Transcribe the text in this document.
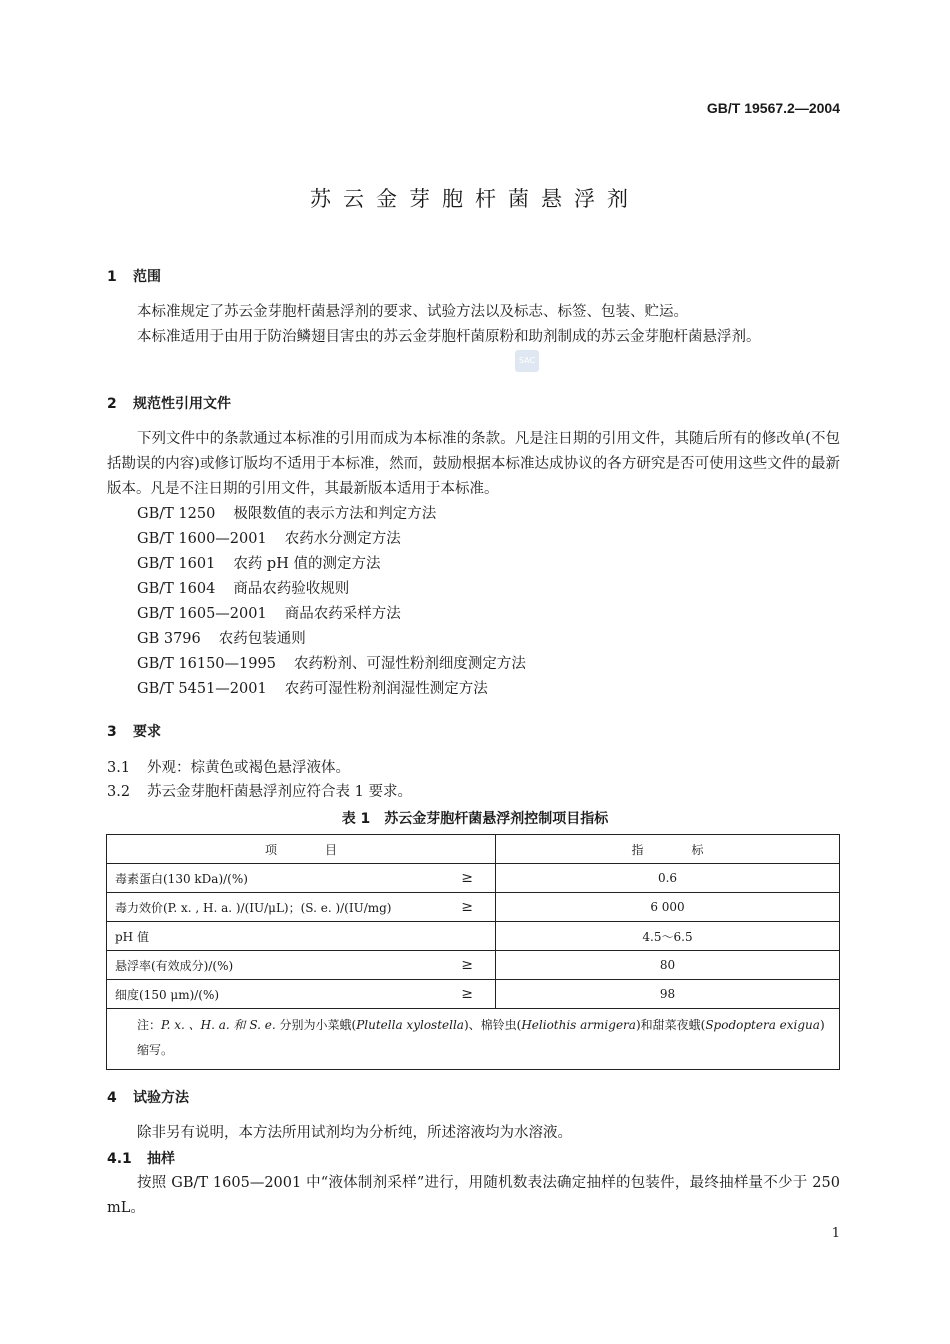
GB/T 19567.2—2004
苏云金芽胞杆菌悬浮剂
SAC
1 范围
本标准规定了苏云金芽胞杆菌悬浮剂的要求、试验方法以及标志、标签、包装、贮运。
本标准适用于由用于防治鳞翅目害虫的苏云金芽胞杆菌原粉和助剂制成的苏云金芽胞杆菌悬浮剂。
2 规范性引用文件
下列文件中的条款通过本标准的引用而成为本标准的条款。凡是注日期的引用文件，其随后所有的修改单(不包括勘误的内容)或修订版均不适用于本标准，然而，鼓励根据本标准达成协议的各方研究是否可使用这些文件的最新版本。凡是不注日期的引用文件，其最新版本适用于本标准。
GB/T 1250 极限数值的表示方法和判定方法
GB/T 1600—2001 农药水分测定方法
GB/T 1601 农药 pH 值的测定方法
GB/T 1604 商品农药验收规则
GB/T 1605—2001 商品农药采样方法
GB 3796 农药包装通则
GB/T 16150—1995 农药粉剂、可湿性粉剂细度测定方法
GB/T 5451—2001 农药可湿性粉剂润湿性测定方法
3 要求
3.1 外观：棕黄色或褐色悬浮液体。
3.2 苏云金芽胞杆菌悬浮剂应符合表 1 要求。
表 1　苏云金芽胞杆菌悬浮剂控制项目指标
项　　　　目	指　　　　标
毒素蛋白(130 kDa)/(%) ≥	0.6
毒力效价(P. x. , H. a. )/(IU/μL)；(S. e. )/(IU/mg) ≥	6 000
pH 值	4.5～6.5
悬浮率(有效成分)/(%) ≥	80
细度(150 μm)/(%) ≥	98
注：P. x. 、H. a. 和 S. e. 分别为小菜蛾(Plutella xylostella)、棉铃虫(Heliothis armigera)和甜菜夜蛾(Spodoptera exigua)缩写。	
4 试验方法
除非另有说明，本方法所用试剂均为分析纯，所述溶液均为水溶液。
4.1 抽样
按照 GB/T 1605—2001 中“液体制剂采样”进行，用随机数表法确定抽样的包装件，最终抽样量不少于 250 mL。
1
